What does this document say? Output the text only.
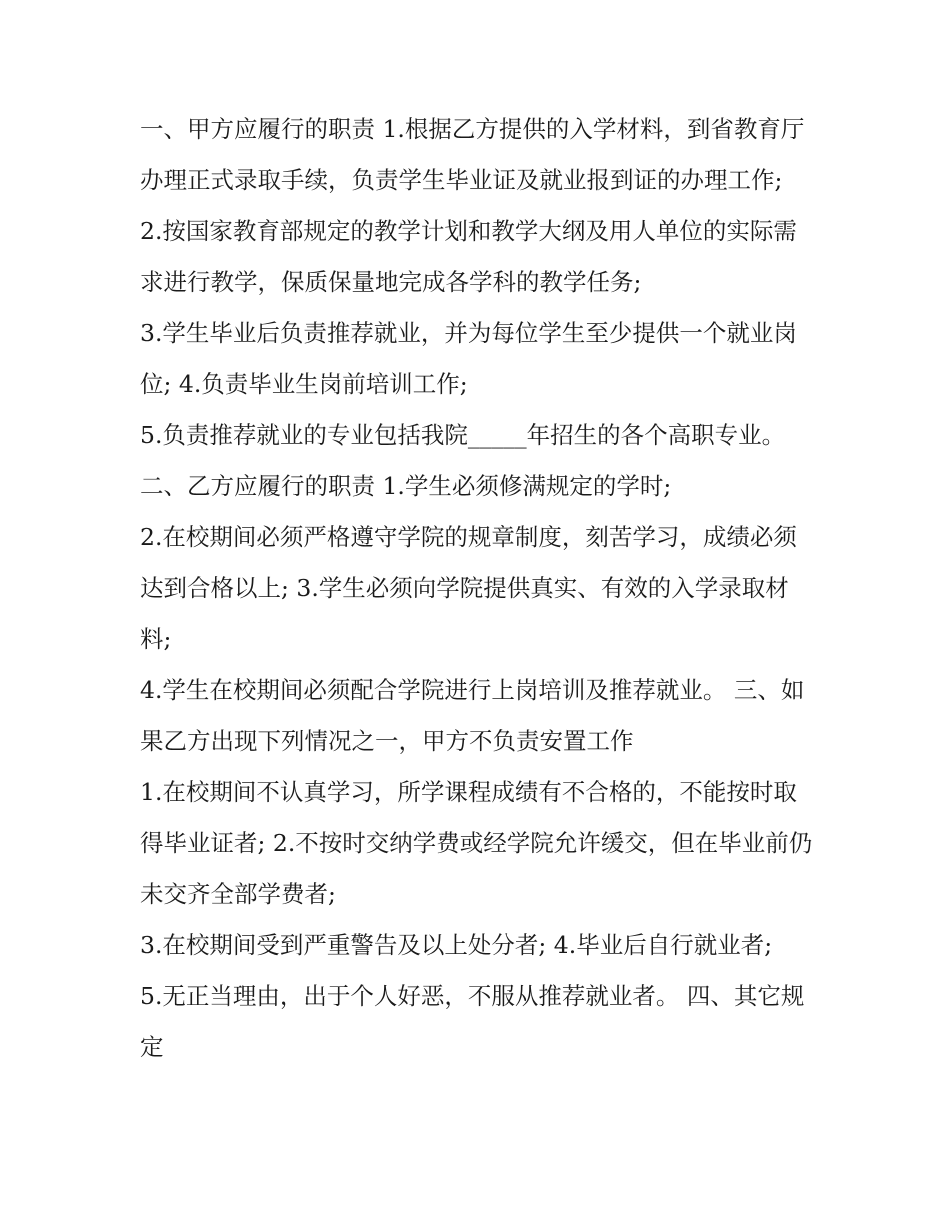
一、甲方应履行的职责 1.根据乙方提供的入学材料，到省教育厅办理正式录取手续，负责学生毕业证及就业报到证的办理工作;

2.按国家教育部规定的教学计划和教学大纲及用人单位的实际需求进行教学，保质保量地完成各学科的教学任务;

3.学生毕业后负责推荐就业，并为每位学生至少提供一个就业岗位; 4.负责毕业生岗前培训工作;

5.负责推荐就业的专业包括我院_____年招生的各个高职专业。

二、乙方应履行的职责 1.学生必须修满规定的学时;

2.在校期间必须严格遵守学院的规章制度，刻苦学习，成绩必须达到合格以上; 3.学生必须向学院提供真实、有效的入学录取材料;

4.学生在校期间必须配合学院进行上岗培训及推荐就业。 三、如果乙方出现下列情况之一，甲方不负责安置工作

1.在校期间不认真学习，所学课程成绩有不合格的，不能按时取得毕业证者; 2.不按时交纳学费或经学院允许缓交，但在毕业前仍未交齐全部学费者;

3.在校期间受到严重警告及以上处分者; 4.毕业后自行就业者;

5.无正当理由，出于个人好恶，不服从推荐就业者。 四、其它规定
